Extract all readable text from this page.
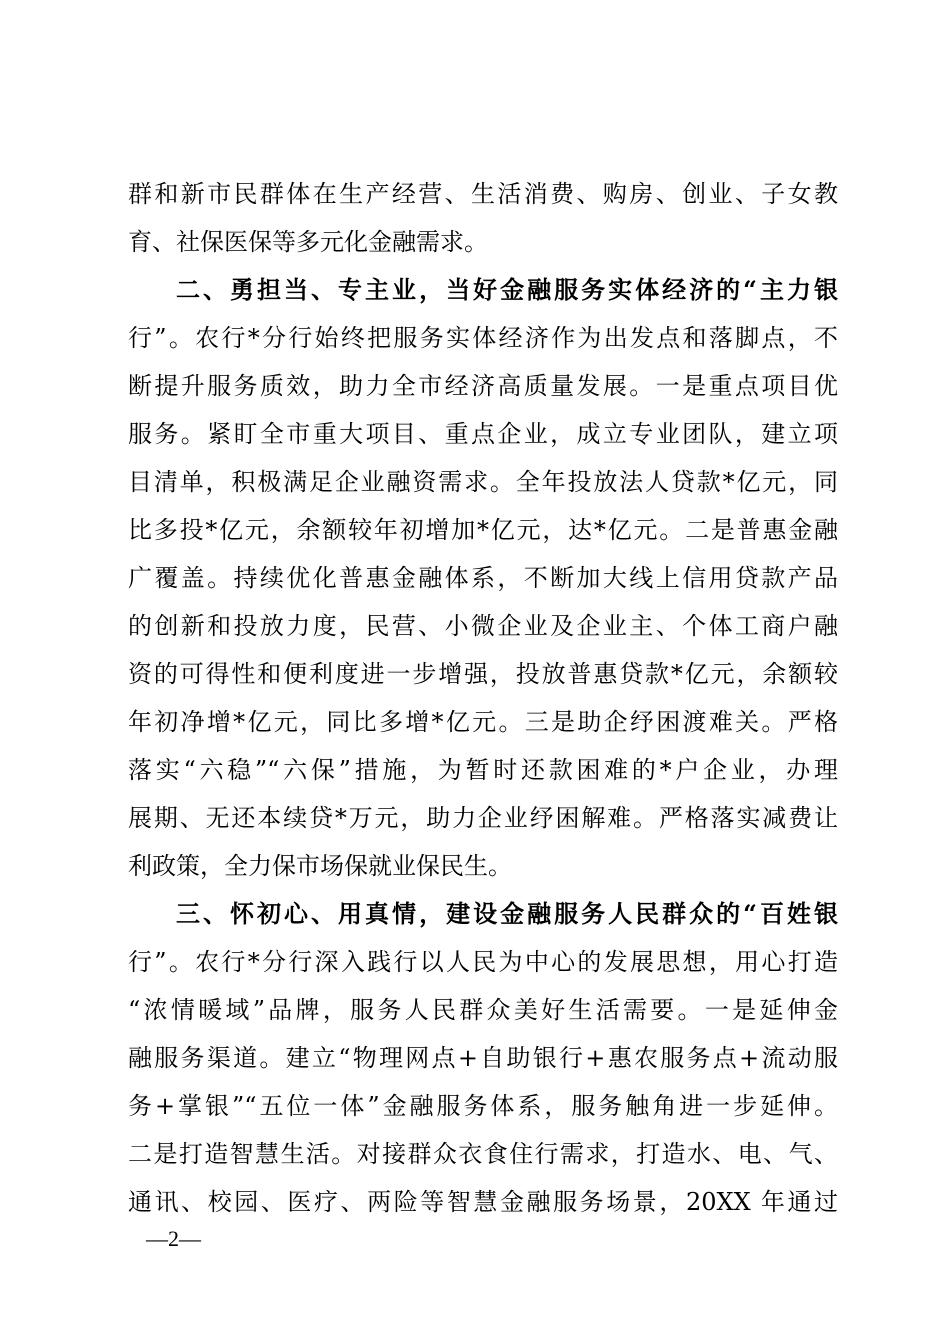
群和新市民群体在生产经营、生活消费、购房、创业、子女教
育、社保医保等多元化金融需求。
二、勇担当、专主业，当好金融服务实体经济的“主力银
行”。农行*分行始终把服务实体经济作为出发点和落脚点，不
断提升服务质效，助力全市经济高质量发展。一是重点项目优
服务。紧盯全市重大项目、重点企业，成立专业团队，建立项
目清单，积极满足企业融资需求。全年投放法人贷款*亿元，同
比多投*亿元，余额较年初增加*亿元，达*亿元。二是普惠金融
广覆盖。持续优化普惠金融体系，不断加大线上信用贷款产品
的创新和投放力度，民营、小微企业及企业主、个体工商户融
资的可得性和便利度进一步增强，投放普惠贷款*亿元，余额较
年初净增*亿元，同比多增*亿元。三是助企纾困渡难关。严格
落实“六稳”“六保”措施，为暂时还款困难的*户企业，办理
展期、无还本续贷*万元，助力企业纾困解难。严格落实减费让
利政策，全力保市场保就业保民生。
三、怀初心、用真情，建设金融服务人民群众的“百姓银
行”。农行*分行深入践行以人民为中心的发展思想，用心打造
“浓情暖域”品牌，服务人民群众美好生活需要。一是延伸金
融服务渠道。建立“物理网点+自助银行+惠农服务点+流动服
务+掌银”“五位一体”金融服务体系，服务触角进一步延伸。
二是打造智慧生活。对接群众衣食住行需求，打造水、电、气、
通讯、校园、医疗、两险等智慧金融服务场景，20XX 年通过
—2—
